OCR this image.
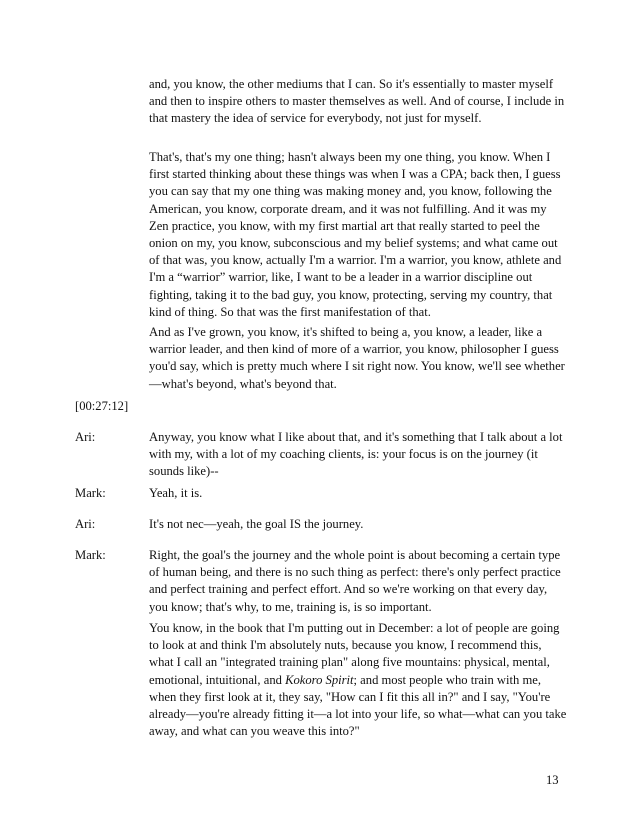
and, you know, the other mediums that I can. So it's essentially to master myself and then to inspire others to master themselves as well. And of course, I include in that mastery the idea of service for everybody, not just for myself.

That's, that's my one thing; hasn't always been my one thing, you know. When I first started thinking about these things was when I was a CPA; back then, I guess you can say that my one thing was making money and, you know, following the American, you know, corporate dream, and it was not fulfilling. And it was my Zen practice, you know, with my first martial art that really started to peel the onion on my, you know, subconscious and my belief systems; and what came out of that was, you know, actually I'm a warrior. I'm a warrior, you know, athlete and I'm a “warrior” warrior, like, I want to be a leader in a warrior discipline out fighting, taking it to the bad guy, you know, protecting, serving my country, that kind of thing. So that was the first manifestation of that.

And as I've grown, you know, it's shifted to being a, you know, a leader, like a warrior leader, and then kind of more of a warrior, you know, philosopher I guess you'd say, which is pretty much where I sit right now. You know, we'll see whether—what's beyond, what's beyond that.

[00:27:12]
Ari:	Anyway, you know what I like about that, and it's something that I talk about a lot with my, with a lot of my coaching clients, is: your focus is on the journey (it sounds like)--

Mark:	Yeah, it is.

Ari:	It's not nec—yeah, the goal IS the journey.

Mark:	Right, the goal's the journey and the whole point is about becoming a certain type of human being, and there is no such thing as perfect: there's only perfect practice and perfect training and perfect effort. And so we're working on that every day, you know; that's why, to me, training is, is so important.

You know, in the book that I'm putting out in December: a lot of people are going to look at and think I'm absolutely nuts, because you know, I recommend this, what I call an "integrated training plan" along five mountains: physical, mental, emotional, intuitional, and Kokoro Spirit; and most people who train with me, when they first look at it, they say, "How can I fit this all in?" and I say, "You're already—you're already fitting it—a lot into your life, so what—what can you take away, and what can you weave this into?"

13
